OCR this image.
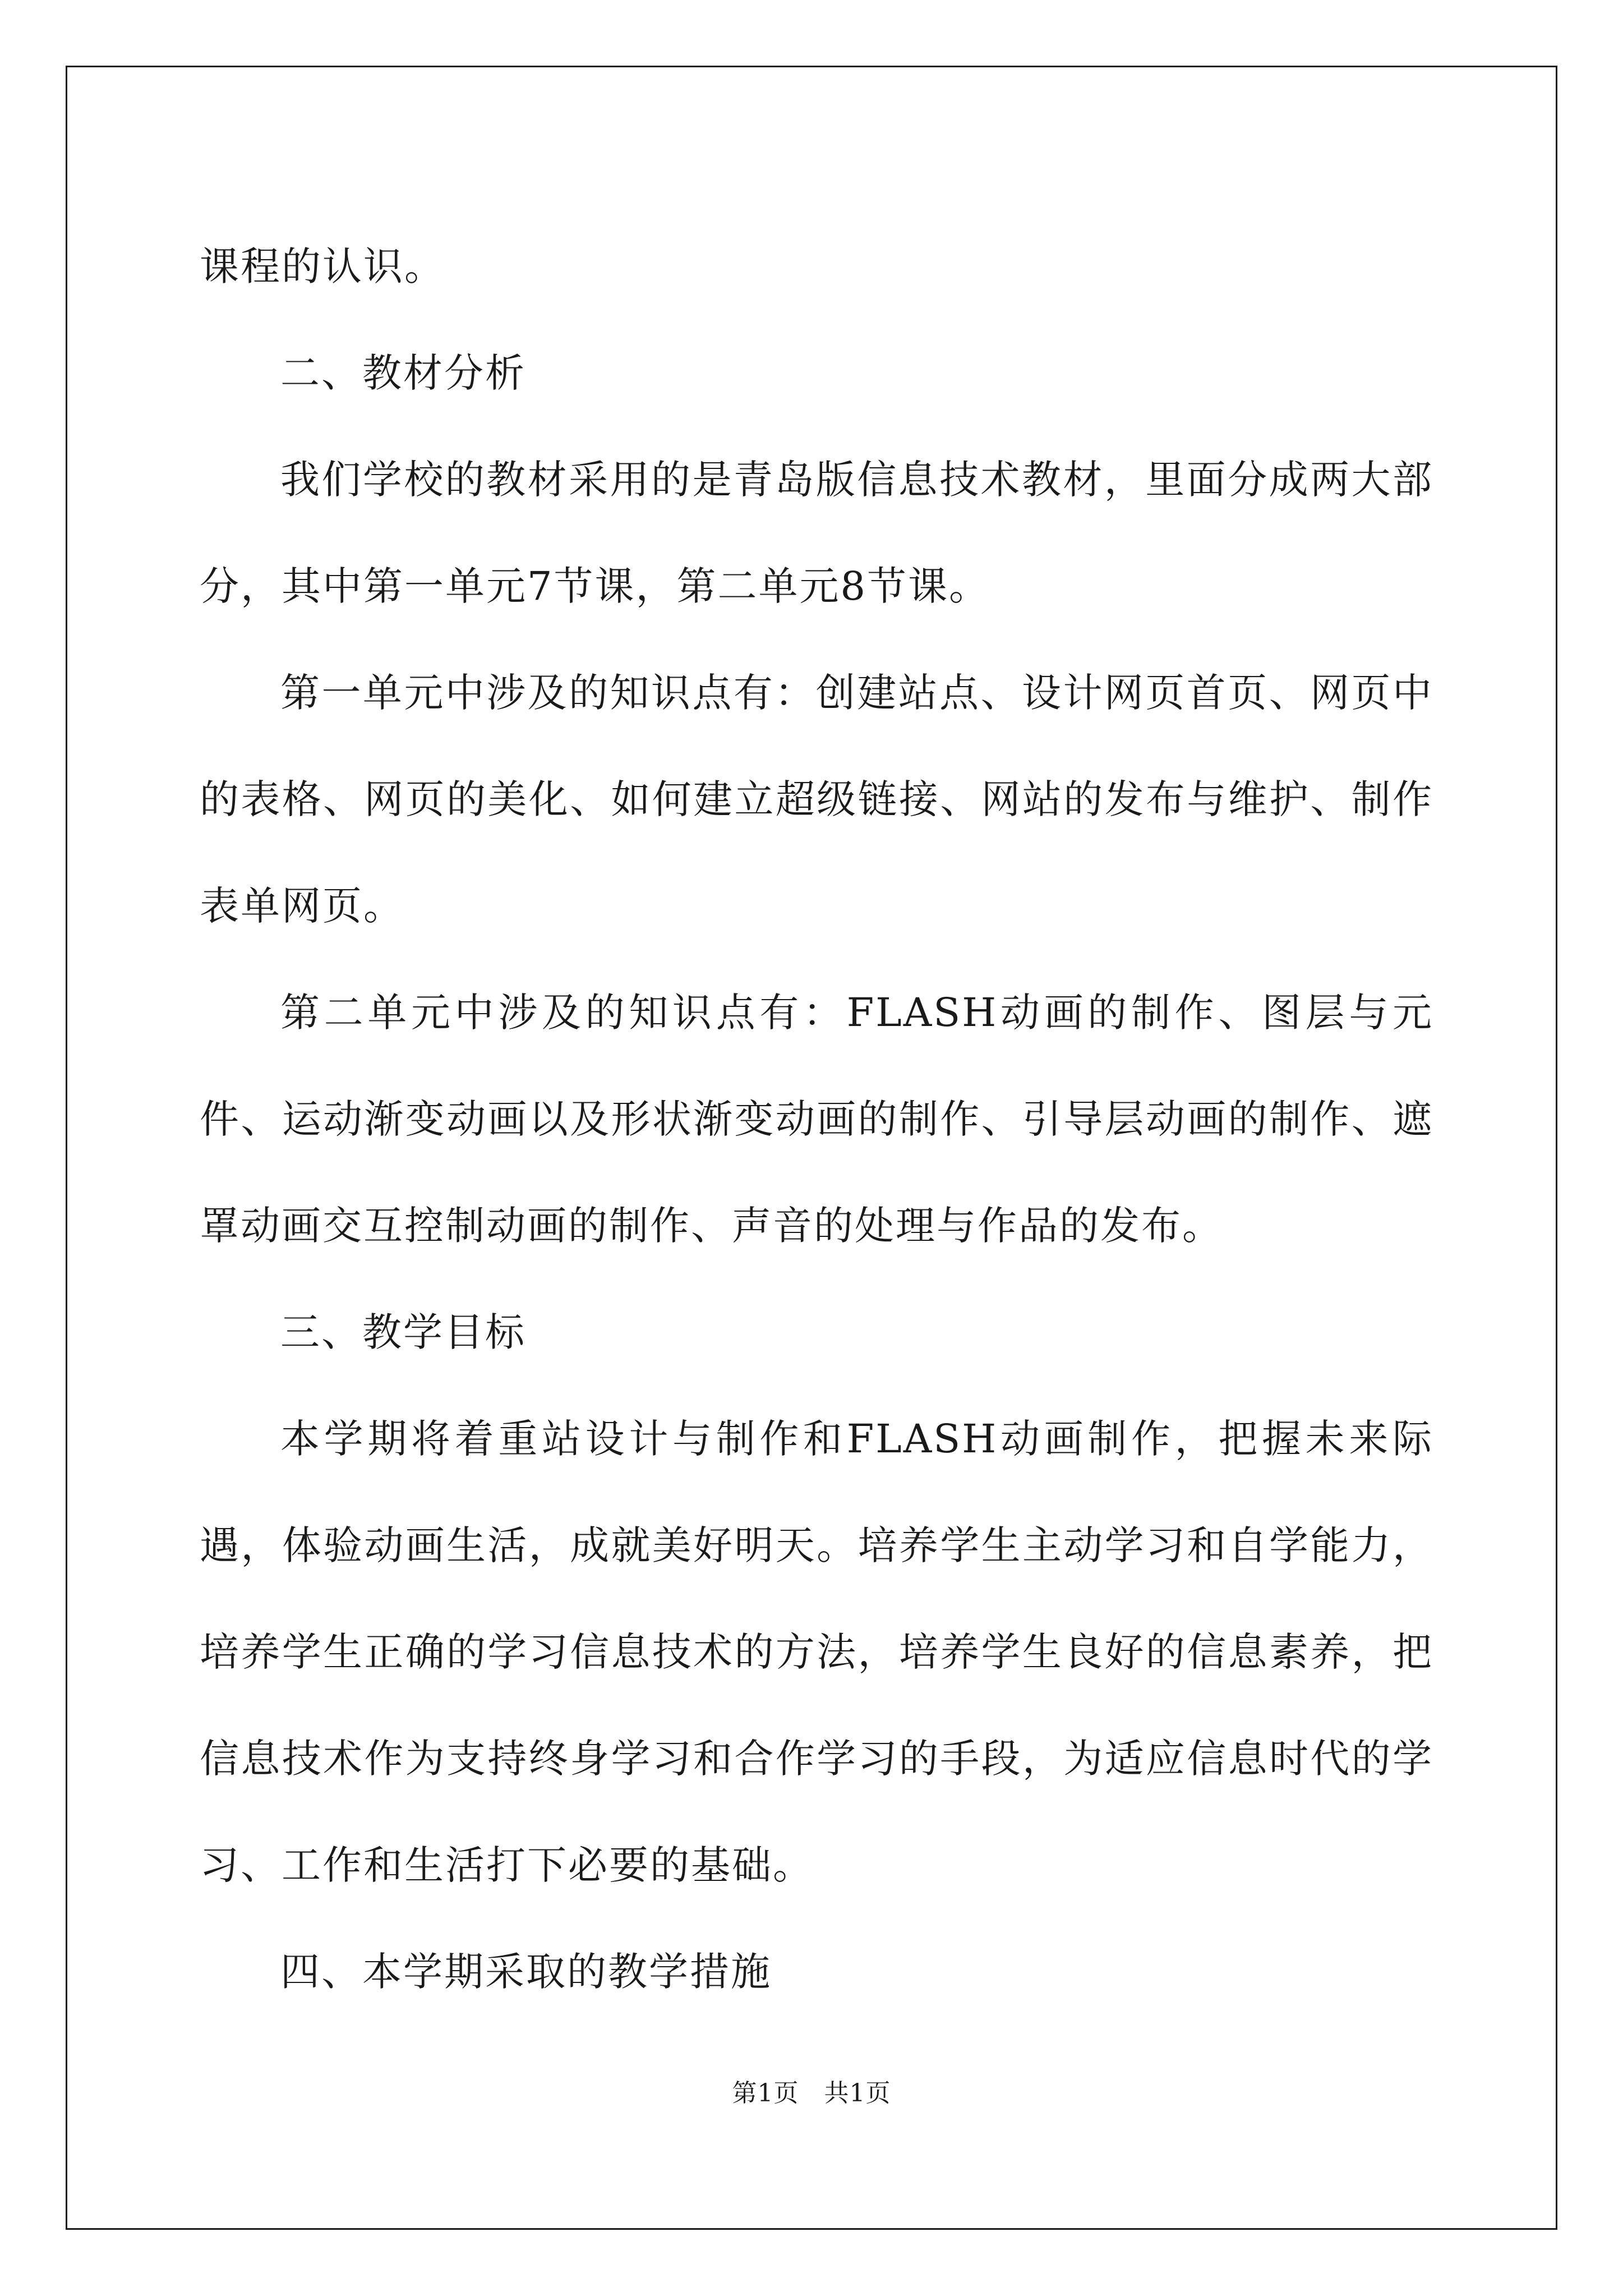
课程的认识。

二、教材分析

我们学校的教材采用的是青岛版信息技术教材，里面分成两大部分，其中第一单元7节课，第二单元8节课。

第一单元中涉及的知识点有：创建站点、设计网页首页、网页中的表格、网页的美化、如何建立超级链接、网站的发布与维护、制作表单网页。

第二单元中涉及的知识点有：FLASH动画的制作、图层与元件、运动渐变动画以及形状渐变动画的制作、引导层动画的制作、遮罩动画交互控制动画的制作、声音的处理与作品的发布。

三、教学目标

本学期将着重站设计与制作和FLASH动画制作，把握未来际遇，体验动画生活，成就美好明天。培养学生主动学习和自学能力，培养学生正确的学习信息技术的方法，培养学生良好的信息素养，把信息技术作为支持终身学习和合作学习的手段，为适应信息时代的学习、工作和生活打下必要的基础。

四、本学期采取的教学措施

第1页   共1页
